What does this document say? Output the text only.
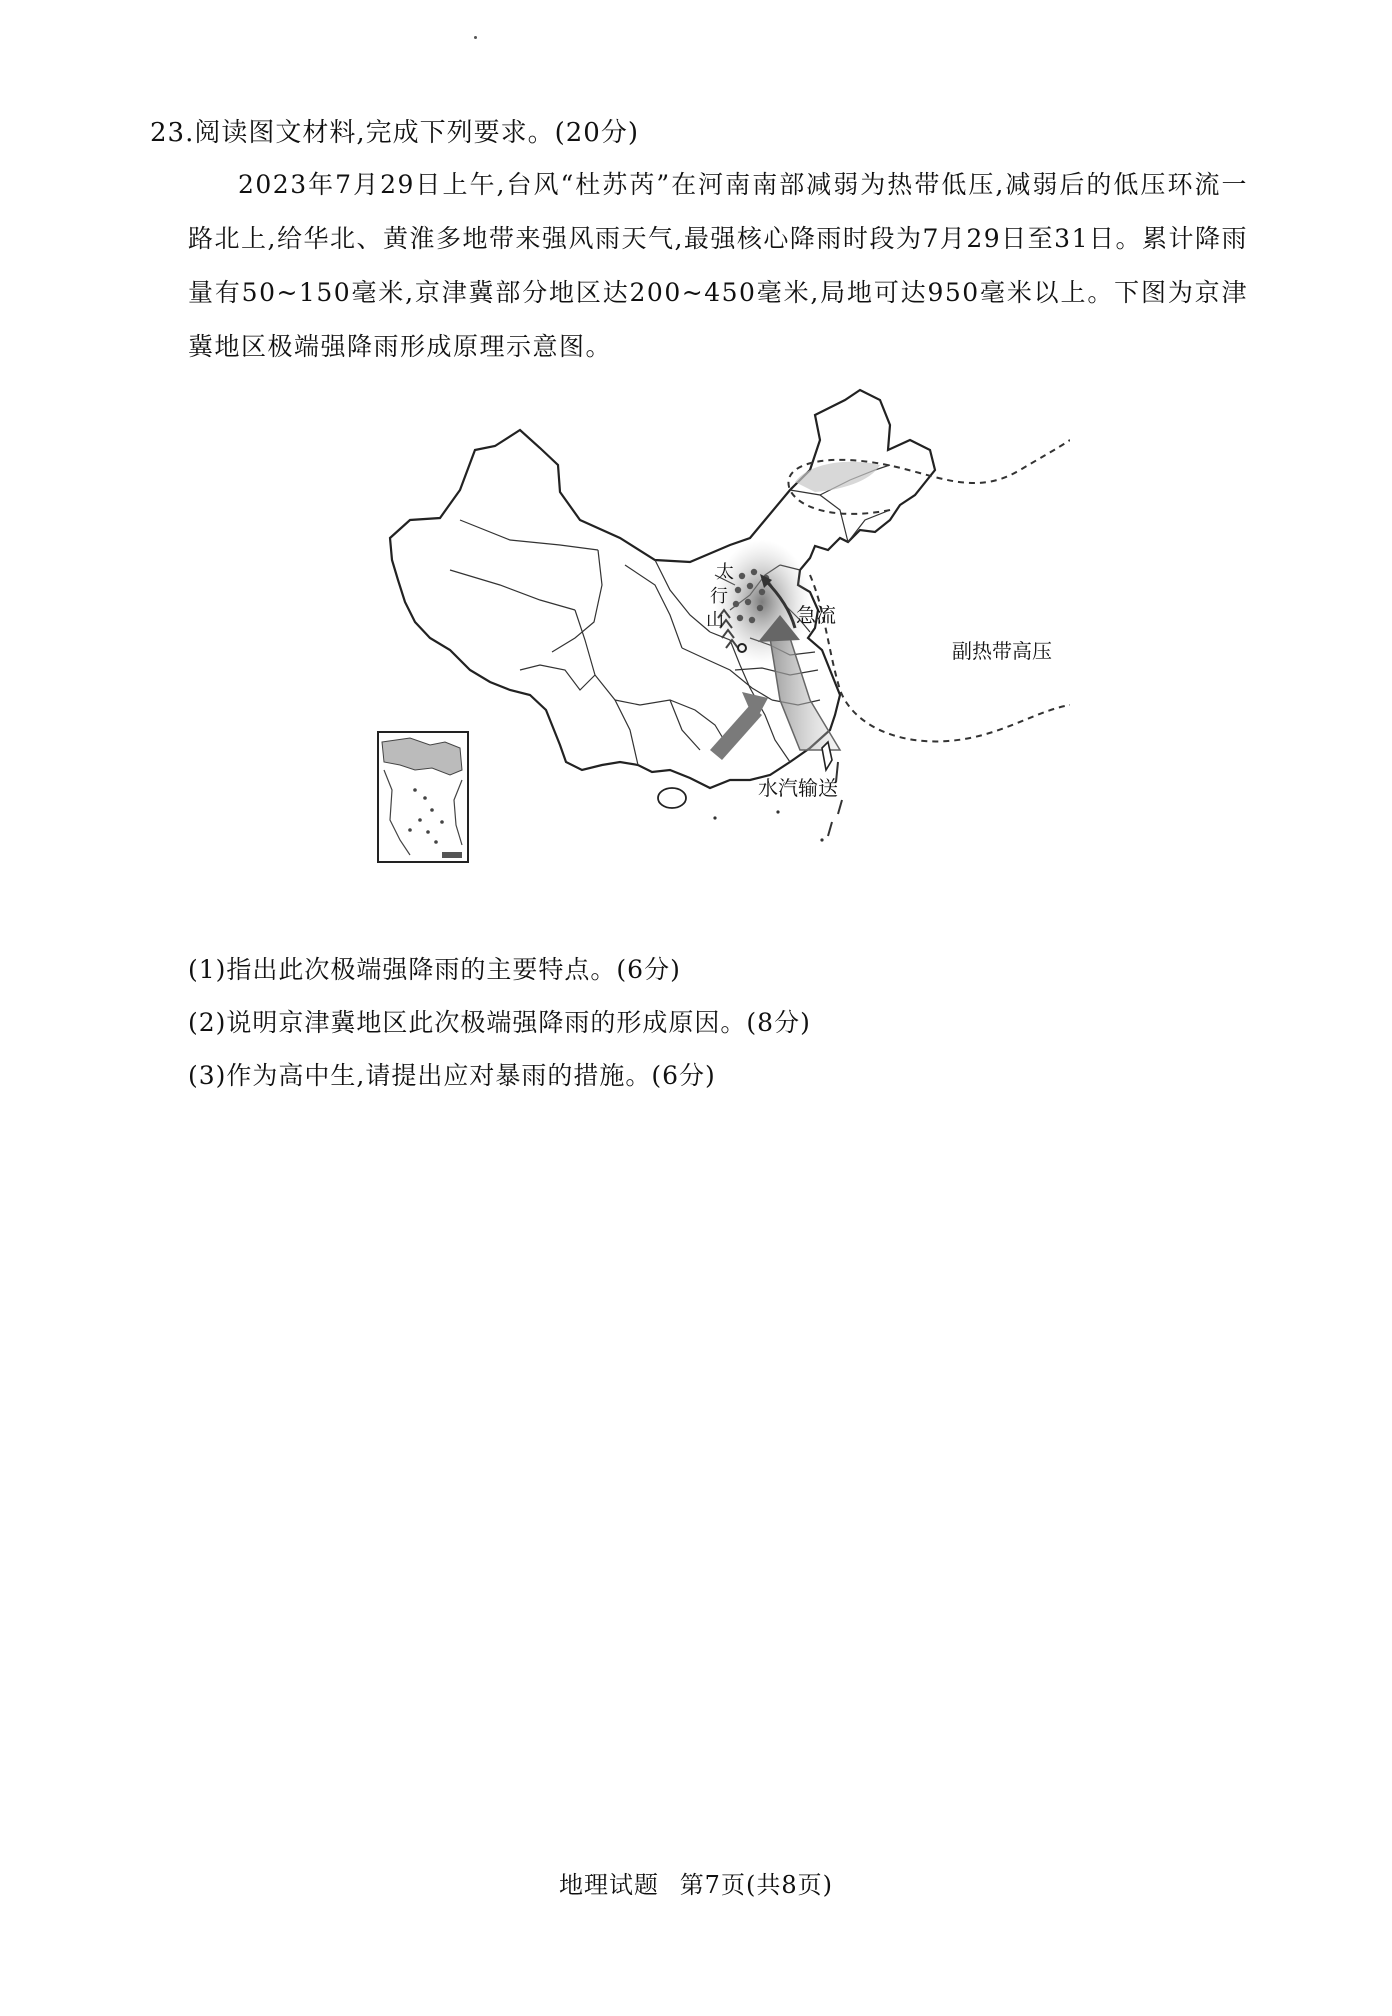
23.阅读图文材料,完成下列要求。(20分)
2023年7月29日上午,台风“杜苏芮”在河南南部减弱为热带低压,减弱后的低压环流一路北上,给华北、黄淮多地带来强风雨天气,最强核心降雨时段为7月29日至31日。累计降雨量有50~150毫米,京津冀部分地区达200~450毫米,局地可达950毫米以上。下图为京津冀地区极端强降雨形成原理示意图。
太
行
山	急流
副热带高压
水汽输送
(1)指出此次极端强降雨的主要特点。(6分)
(2)说明京津冀地区此次极端强降雨的形成原因。(8分)
(3)作为高中生,请提出应对暴雨的措施。(6分)
地理试题 第7页(共8页)
